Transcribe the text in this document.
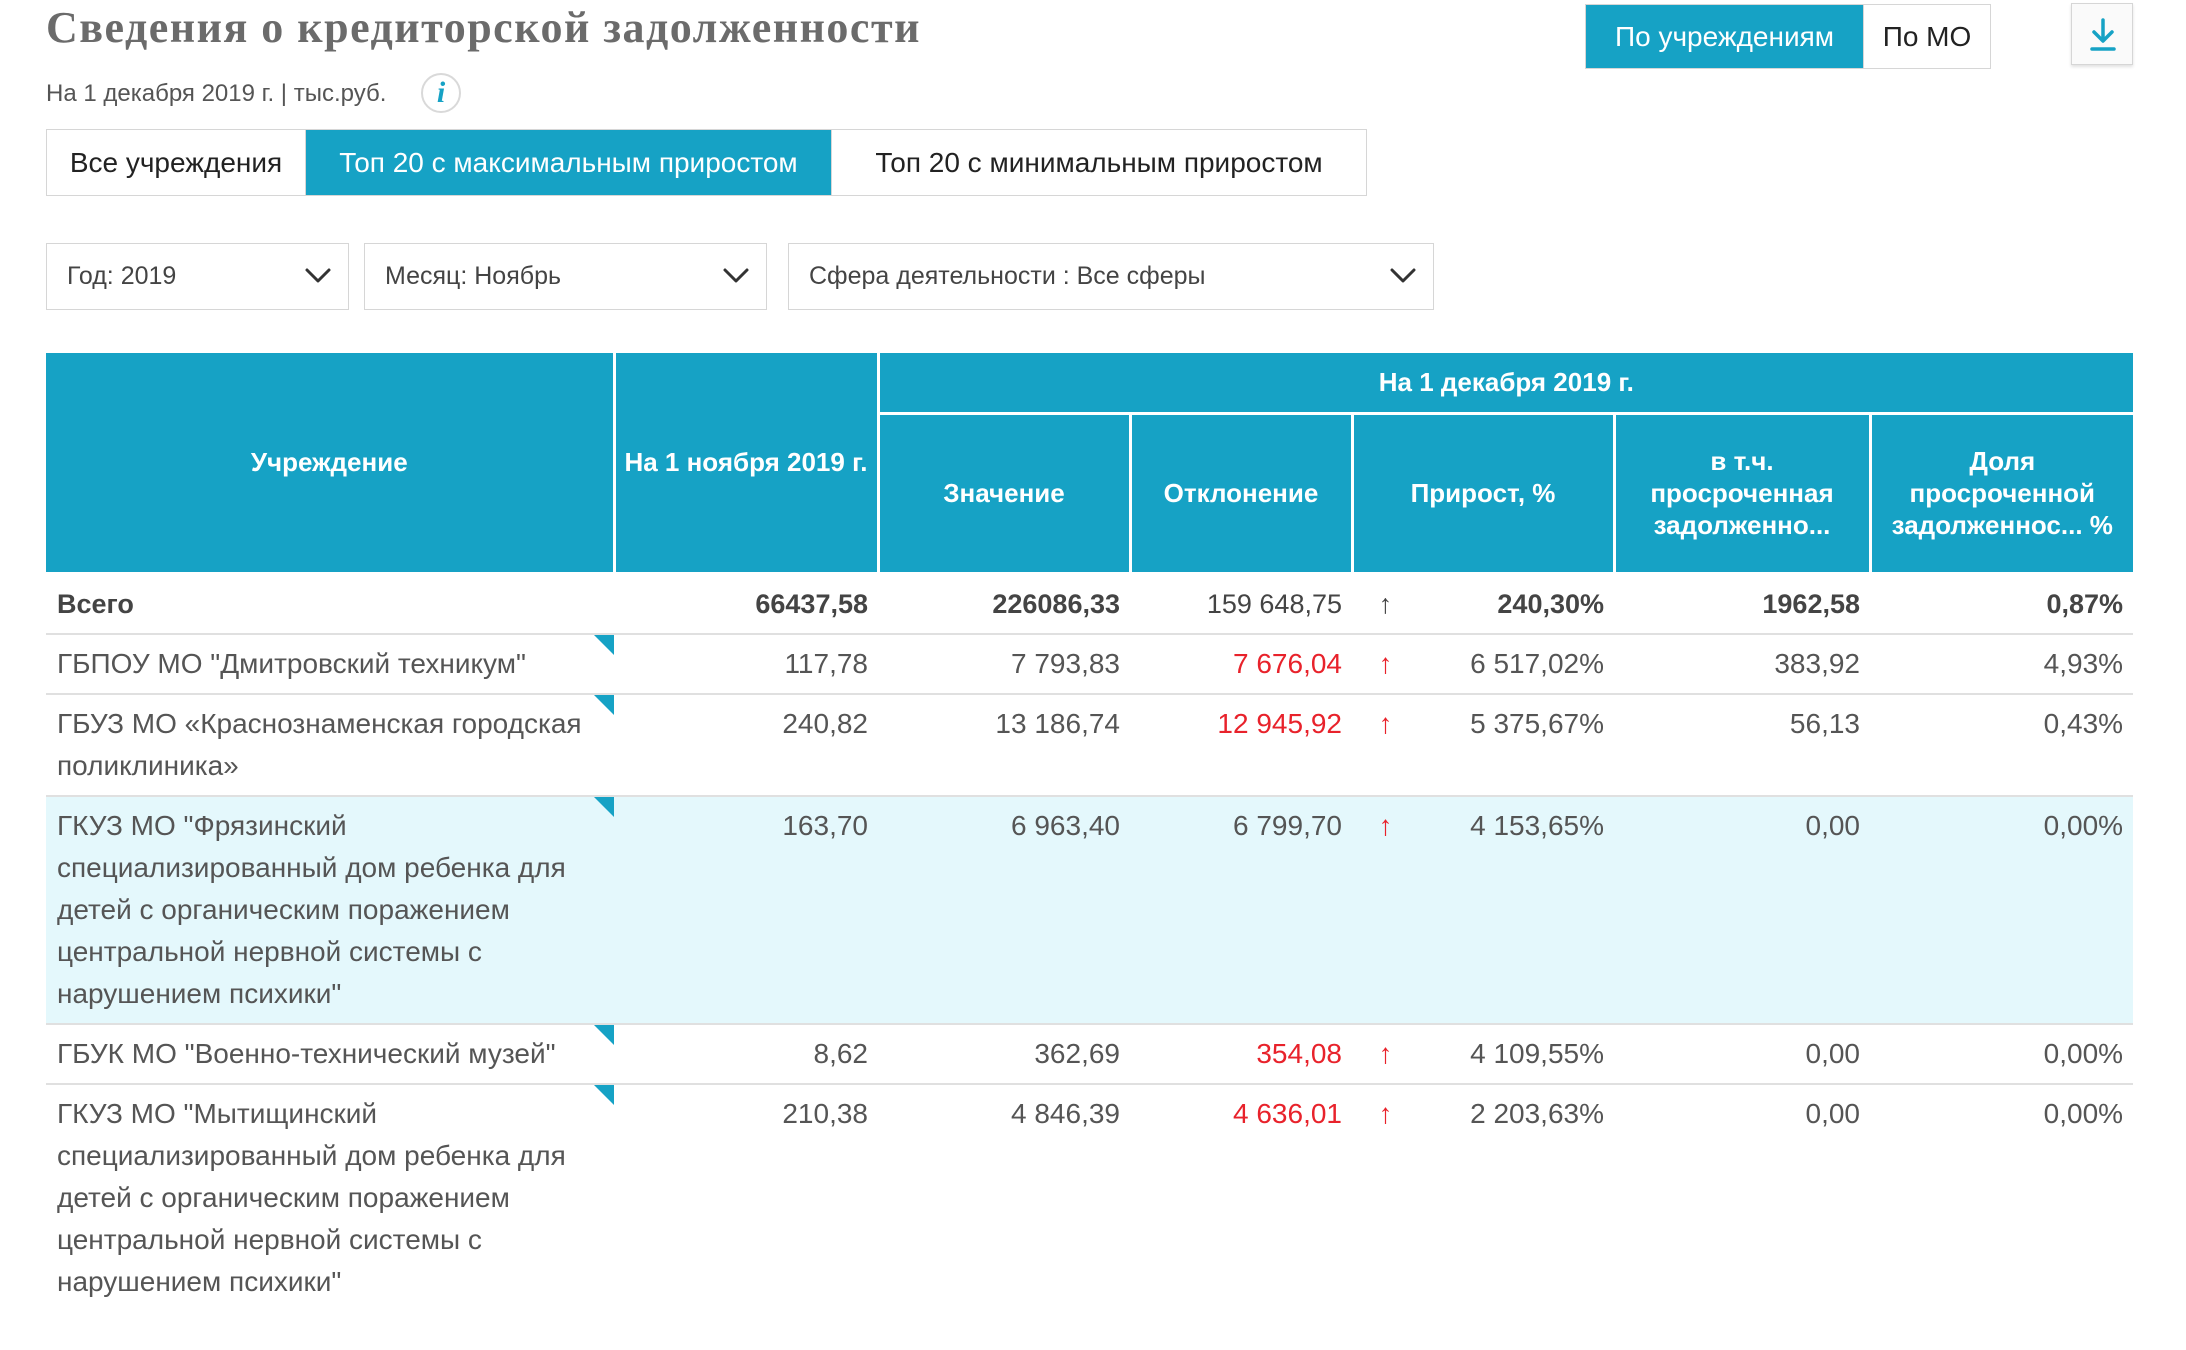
Сведения о кредиторской задолженности
На 1 декабря 2019 г. | тыс.руб.	i
По учреждениям	По МО
Все учреждения	Топ 20 с максимальным приростом	Топ 20 с минимальным приростом
Год: 2019	Месяц: Ноябрь	Сфера деятельности : Все сферы
Учреждение	На 1 ноября 2019 г.	На 1 декабря 2019 г.					
		Значение	Отклонение	Прирост, %		в т.ч. просроченная задолженно...	Доля просроченной задолженнос... %
Всего	66437,58	226086,33	159 648,75	↑	240,30%	1962,58	0,87%
ГБПОУ МО "Дмитровский техникум"	117,78	7 793,83	7 676,04	↑	6 517,02%	383,92	4,93%
ГБУЗ МО «Краснознаменская городская поликлиника»	240,82	13 186,74	12 945,92	↑	5 375,67%	56,13	0,43%
ГКУЗ МО "Фрязинский специализированный дом ребенка для детей с органическим поражением центральной нервной системы с нарушением психики"	163,70	6 963,40	6 799,70	↑	4 153,65%	0,00	0,00%
ГБУК МО "Военно-технический музей"	8,62	362,69	354,08	↑	4 109,55%	0,00	0,00%
ГКУЗ МО "Мытищинский специализированный дом ребенка для детей с органическим поражением центральной нервной системы с нарушением психики"	210,38	4 846,39	4 636,01	↑	2 203,63%	0,00	0,00%
